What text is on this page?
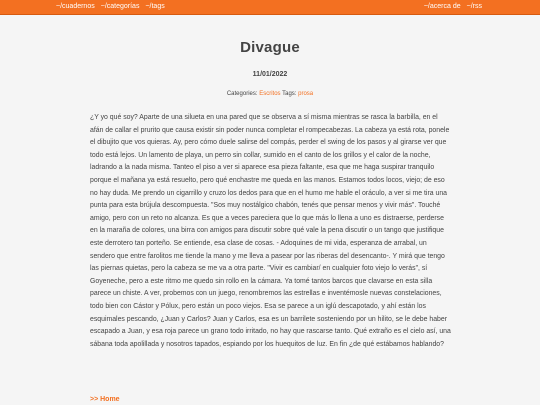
~/cuadernos ~/categorías ~/tags	~/acerca de ~/rss
Divague
11/01/2022
Categories: Escritos Tags: prosa
¿Y yo qué soy? Aparte de una silueta en una pared que se observa a sí misma mientras se rasca la barbilla, en el afán de callar el prurito que causa existir sin poder nunca completar el rompecabezas. La cabeza ya está rota, ponele el dibujito que vos quieras. Ay, pero cómo duele salirse del compás, perder el swing de los pasos y al girarse ver que todo está lejos. Un lamento de playa, un perro sin collar, sumido en el canto de los grillos y el calor de la noche, ladrando a la nada misma. Tanteo el piso a ver si aparece esa pieza faltante, esa que me haga suspirar tranquilo porque el mañana ya está resuelto, pero qué enchastre me queda en las manos. Estamos todos locos, viejo; de eso no hay duda. Me prendo un cigarrillo y cruzo los dedos para que en el humo me hable el oráculo, a ver si me tira una punta para esta brújula descompuesta. "Sos muy nostálgico chabón, tenés que pensar menos y vivir más". Touché amigo, pero con un reto no alcanza. Es que a veces pareciera que lo que más lo llena a uno es distraerse, perderse en la maraña de colores, una birra con amigos para discutir sobre qué vale la pena discutir o un tango que justifique este derrotero tan porteño. Se entiende, esa clase de cosas. - Adoquines de mi vida, esperanza de arrabal, un sendero que entre farolitos me tiende la mano y me lleva a pasear por las riberas del desencanto-. Y mirá que tengo las piernas quietas, pero la cabeza se me va a otra parte. "Vivir es cambiar/ en cualquier foto viejo lo verás", sí Goyeneche, pero a este ritmo me quedo sin rollo en la cámara. Ya tomé tantos barcos que clavarse en esta silla parece un chiste. A ver, probemos con un juego, renombremos las estrellas e inventémosle nuevas constelaciones, todo bien con Cástor y Pólux, pero están un poco viejos. Esa se parece a un iglú descapotado, y ahí están los esquimales pescando, ¿Juan y Carlos? Juan y Carlos, esa es un barrilete sosteniendo por un hilito, se le debe haber escapado a Juan, y esa roja parece un grano todo irritado, no hay que rascarse tanto. Qué extraño es el cielo así, una sábana toda apolillada y nosotros tapados, espiando por los huequitos de luz. En fin ¿de qué estábamos hablando?
>> Home
